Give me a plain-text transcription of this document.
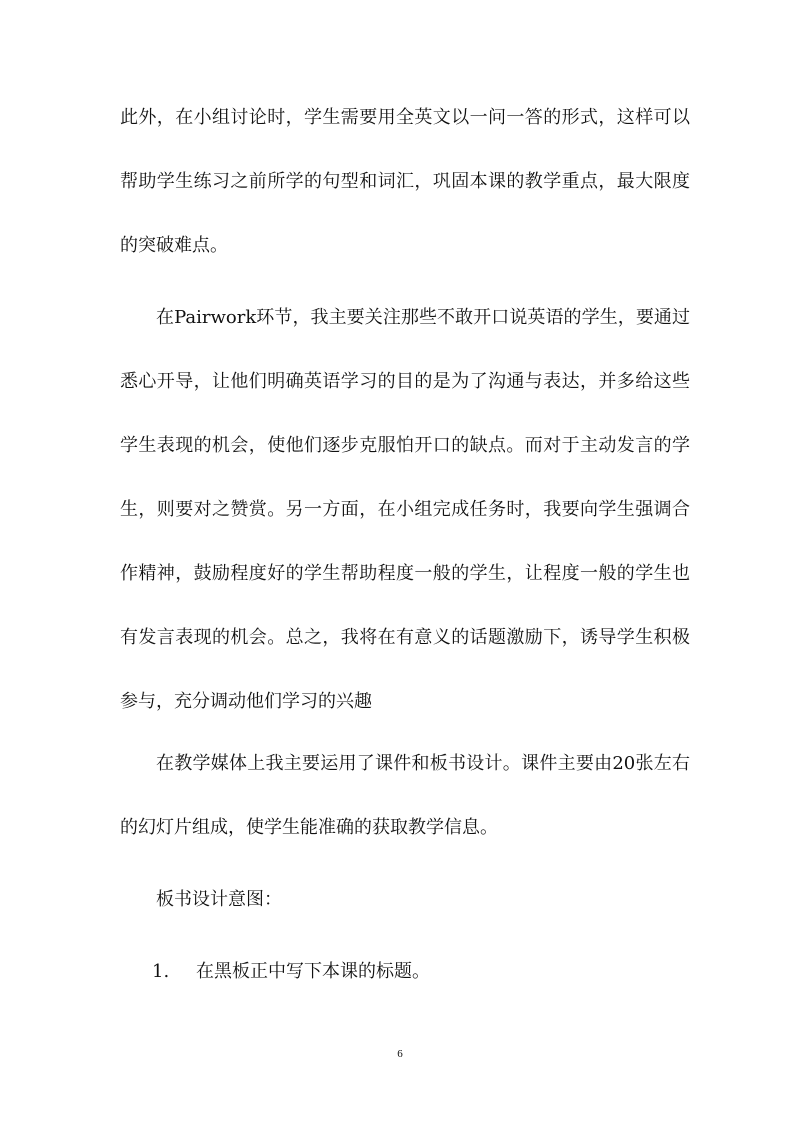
此外，在小组讨论时，学生需要用全英文以一问一答的形式，这样可以帮助学生练习之前所学的句型和词汇，巩固本课的教学重点，最大限度的突破难点。

在Pairwork环节，我主要关注那些不敢开口说英语的学生，要通过悉心开导，让他们明确英语学习的目的是为了沟通与表达，并多给这些学生表现的机会，使他们逐步克服怕开口的缺点。而对于主动发言的学生，则要对之赞赏。另一方面，在小组完成任务时，我要向学生强调合作精神，鼓励程度好的学生帮助程度一般的学生，让程度一般的学生也有发言表现的机会。总之，我将在有意义的话题激励下，诱导学生积极参与，充分调动他们学习的兴趣

在教学媒体上我主要运用了课件和板书设计。课件主要由20张左右的幻灯片组成，使学生能准确的获取教学信息。

板书设计意图：

1. 在黑板正中写下本课的标题。
6
